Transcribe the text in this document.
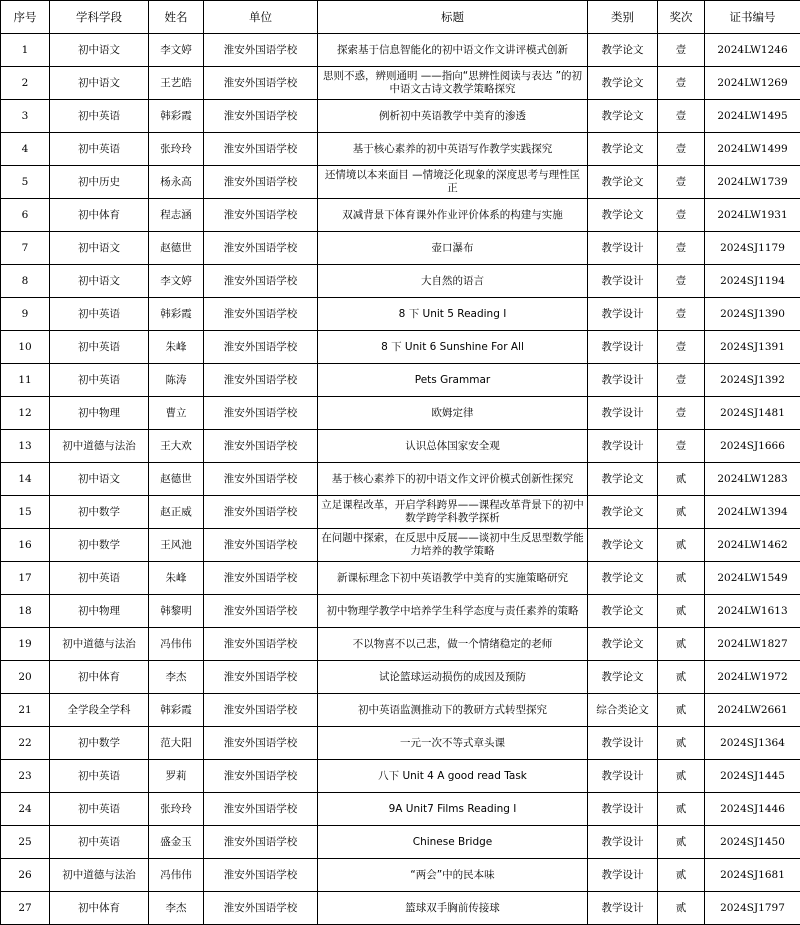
序号	学科学段	姓名	单位	标题	类别	奖次	证书编号
1	初中语文	李文婷	淮安外国语学校	探索基于信息智能化的初中语文作文讲评模式创新	教学论文	壹	2024LW1246
2	初中语文	王艺皓	淮安外国语学校	思则不惑，辨则通明 ——指向“思辨性阅读与表达 ”的初中语文古诗文教学策略探究	教学论文	壹	2024LW1269
3	初中英语	韩彩霞	淮安外国语学校	例析初中英语教学中美育的渗透	教学论文	壹	2024LW1495
4	初中英语	张玲玲	淮安外国语学校	基于核心素养的初中英语写作教学实践探究	教学论文	壹	2024LW1499
5	初中历史	杨永高	淮安外国语学校	还情境以本来面目 —情境泛化现象的深度思考与理性匡正	教学论文	壹	2024LW1739
6	初中体育	程志涵	淮安外国语学校	双减背景下体育课外作业评价体系的构建与实施	教学论文	壹	2024LW1931
7	初中语文	赵德世	淮安外国语学校	壶口瀑布	教学设计	壹	2024SJ1179
8	初中语文	李文婷	淮安外国语学校	大自然的语言	教学设计	壹	2024SJ1194
9	初中英语	韩彩霞	淮安外国语学校	8 下 Unit 5 Reading I	教学设计	壹	2024SJ1390
10	初中英语	朱峰	淮安外国语学校	8 下 Unit 6 Sunshine For All	教学设计	壹	2024SJ1391
11	初中英语	陈涛	淮安外国语学校	Pets Grammar	教学设计	壹	2024SJ1392
12	初中物理	曹立	淮安外国语学校	欧姆定律	教学设计	壹	2024SJ1481
13	初中道德与法治	王大欢	淮安外国语学校	认识总体国家安全观	教学设计	壹	2024SJ1666
14	初中语文	赵德世	淮安外国语学校	基于核心素养下的初中语文作文评价模式创新性探究	教学论文	贰	2024LW1283
15	初中数学	赵正威	淮安外国语学校	立足课程改革，开启学科跨界——课程改革背景下的初中数学跨学科教学探析	教学论文	贰	2024LW1394
16	初中数学	王风池	淮安外国语学校	在问题中探索，在反思中反展——谈初中生反思型数学能力培养的教学策略	教学论文	贰	2024LW1462
17	初中英语	朱峰	淮安外国语学校	新课标理念下初中英语教学中美育的实施策略研究	教学论文	贰	2024LW1549
18	初中物理	韩黎明	淮安外国语学校	初中物理学教学中培养学生科学态度与责任素养的策略	教学论文	贰	2024LW1613
19	初中道德与法治	冯伟伟	淮安外国语学校	不以物喜不以己悲，做一个情绪稳定的老师	教学论文	贰	2024LW1827
20	初中体育	李杰	淮安外国语学校	试论篮球运动损伤的成因及预防	教学论文	贰	2024LW1972
21	全学段全学科	韩彩霞	淮安外国语学校	初中英语监测推动下的教研方式转型探究	综合类论文	贰	2024LW2661
22	初中数学	范大阳	淮安外国语学校	一元一次不等式章头课	教学设计	贰	2024SJ1364
23	初中英语	罗莉	淮安外国语学校	八下 Unit 4 A good read Task	教学设计	贰	2024SJ1445
24	初中英语	张玲玲	淮安外国语学校	9A Unit7 Films Reading I	教学设计	贰	2024SJ1446
25	初中英语	盛金玉	淮安外国语学校	Chinese Bridge	教学设计	贰	2024SJ1450
26	初中道德与法治	冯伟伟	淮安外国语学校	“两会”中的民本味	教学设计	贰	2024SJ1681
27	初中体育	李杰	淮安外国语学校	篮球双手胸前传接球	教学设计	贰	2024SJ1797
